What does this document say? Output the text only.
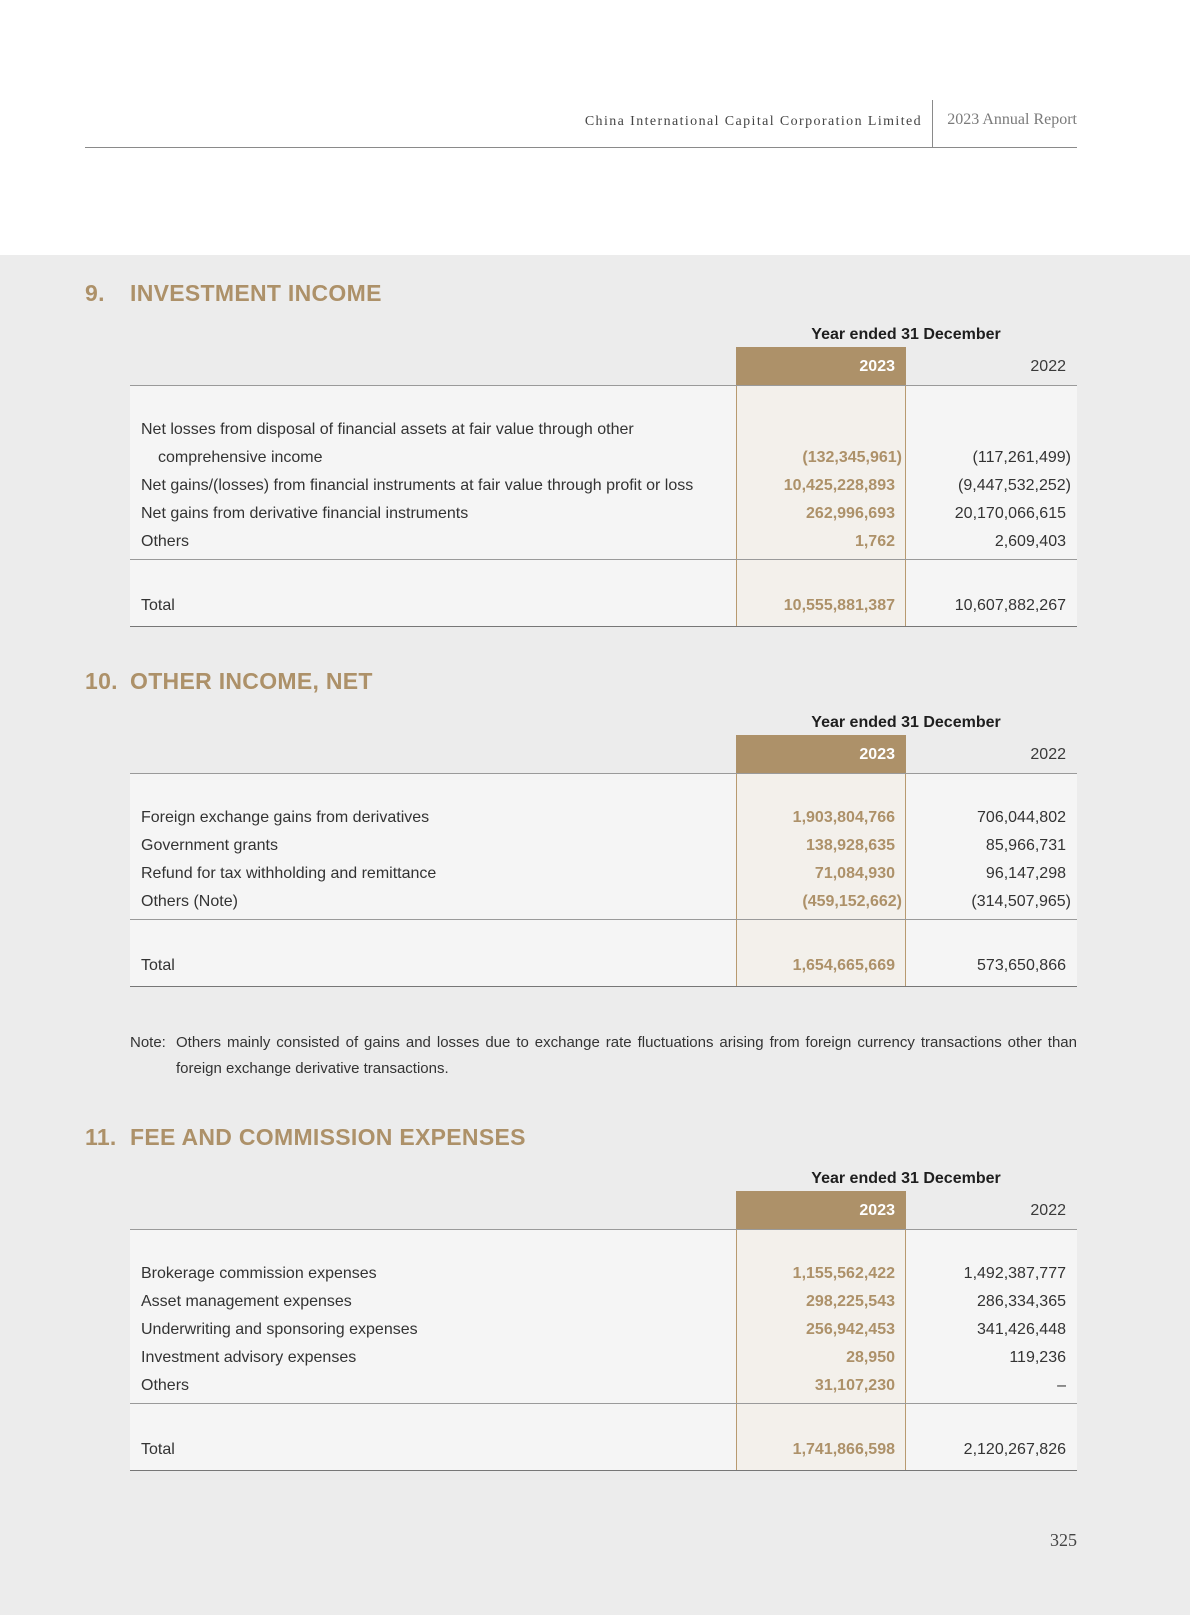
China International Capital Corporation Limited 2023 Annual Report
9.	INVESTMENT INCOME
Year ended 31 December
2023	2022
Net losses from disposal of financial assets at fair value through other
comprehensive income	(132,345,961)	(117,261,499)
Net gains/(losses) from financial instruments at fair value through profit or loss	10,425,228,893	(9,447,532,252)
Net gains from derivative financial instruments	262,996,693	20,170,066,615
Others	1,762	2,609,403
Total	10,555,881,387	10,607,882,267
10. OTHER INCOME, NET
Year ended 31 December
2023	2022
Foreign exchange gains from derivatives	1,903,804,766	706,044,802
Government grants	138,928,635	85,966,731
Refund for tax withholding and remittance	71,084,930	96,147,298
Others (Note)	(459,152,662)	(314,507,965)
Total	1,654,665,669	573,650,866
Note: Others mainly consisted of gains and losses due to exchange rate fluctuations arising from foreign currency transactions other than foreign exchange derivative transactions.
11. FEE AND COMMISSION EXPENSES
Year ended 31 December
2023	2022
Brokerage commission expenses	1,155,562,422	1,492,387,777
Asset management expenses	298,225,543	286,334,365
Underwriting and sponsoring expenses	256,942,453	341,426,448
Investment advisory expenses	28,950	119,236
Others	31,107,230	–
Total	1,741,866,598	2,120,267,826
325
